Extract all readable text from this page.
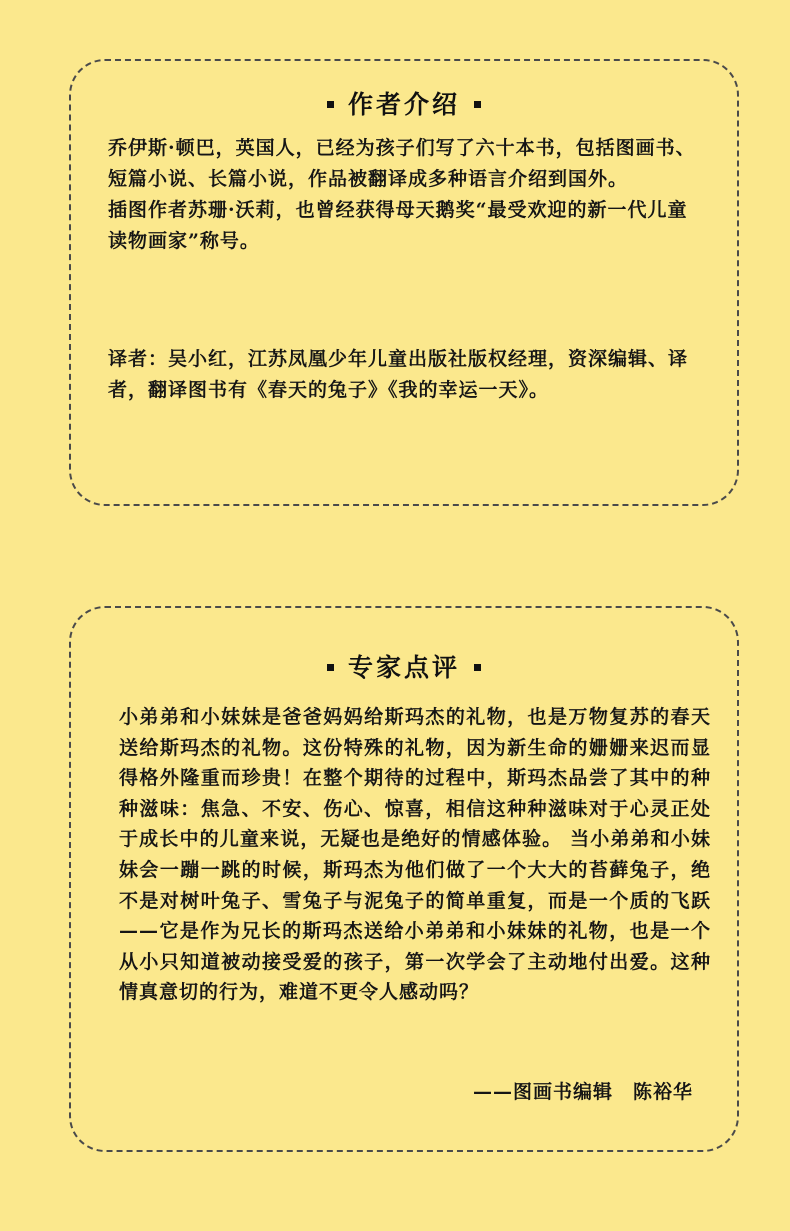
作者介绍

乔伊斯·顿巴，英国人，已经为孩子们写了六十本书，包括图画书、短篇小说、长篇小说，作品被翻译成多种语言介绍到国外。

插图作者苏珊·沃莉，也曾经获得母天鹅奖“最受欢迎的新一代儿童读物画家”称号。

译者：吴小红，江苏凤凰少年儿童出版社版权经理，资深编辑、译者，翻译图书有《春天的兔子》《我的幸运一天》。

专家点评

小弟弟和小妹妹是爸爸妈妈给斯玛杰的礼物，也是万物复苏的春天送给斯玛杰的礼物。这份特殊的礼物，因为新生命的姗姗来迟而显得格外隆重而珍贵！在整个期待的过程中，斯玛杰品尝了其中的种种滋味：焦急、不安、伤心、惊喜，相信这种种滋味对于心灵正处于成长中的儿童来说，无疑也是绝好的情感体验。 当小弟弟和小妹妹会一蹦一跳的时候，斯玛杰为他们做了一个大大的苔藓兔子，绝不是对树叶兔子、雪兔子与泥兔子的简单重复，而是一个质的飞跃——它是作为兄长的斯玛杰送给小弟弟和小妹妹的礼物，也是一个从小只知道被动接受爱的孩子，第一次学会了主动地付出爱。这种情真意切的行为，难道不更令人感动吗？

——图画书编辑　陈裕华
